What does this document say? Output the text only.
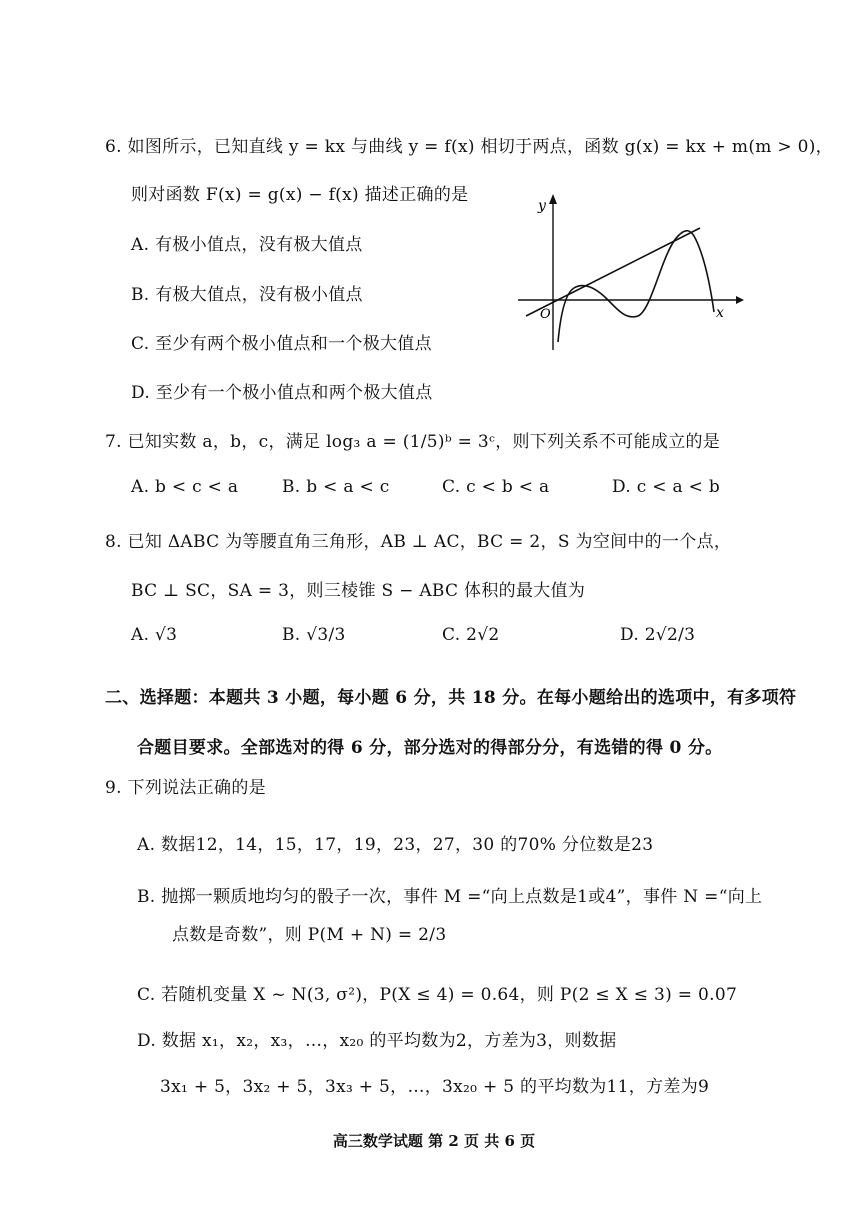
6. 如图所示，已知直线 y = kx 与曲线 y = f(x) 相切于两点，函数 g(x) = kx + m(m > 0)，
则对函数 F(x) = g(x) − f(x) 描述正确的是
A. 有极小值点，没有极大值点
B. 有极大值点，没有极小值点
C. 至少有两个极小值点和一个极大值点
D. 至少有一个极小值点和两个极大值点
y
x
O
7. 已知实数 a，b，c，满足 log₃ a = (1/5)ᵇ = 3ᶜ，则下列关系不可能成立的是
A. b < c < a	B. b < a < c	C. c < b < a	D. c < a < b
8. 已知 ΔABC 为等腰直角三角形，AB ⊥ AC，BC = 2，S 为空间中的一个点，
BC ⊥ SC，SA = 3，则三棱锥 S − ABC 体积的最大值为
A. √3	B. √3/3	C. 2√2	D. 2√2/3
二、选择题：本题共 3 小题，每小题 6 分，共 18 分。在每小题给出的选项中，有多项符
合题目要求。全部选对的得 6 分，部分选对的得部分分，有选错的得 0 分。
9. 下列说法正确的是
A. 数据12，14，15，17，19，23，27，30 的70% 分位数是23
B. 抛掷一颗质地均匀的骰子一次，事件 M =“向上点数是1或4”，事件 N =“向上
点数是奇数”，则 P(M + N) = 2/3
C. 若随机变量 X ~ N(3, σ²)，P(X ≤ 4) = 0.64，则 P(2 ≤ X ≤ 3) = 0.07
D. 数据 x₁，x₂，x₃，…，x₂₀ 的平均数为2，方差为3，则数据
3x₁ + 5，3x₂ + 5，3x₃ + 5，…，3x₂₀ + 5 的平均数为11，方差为9
高三数学试题 第 2 页 共 6 页
